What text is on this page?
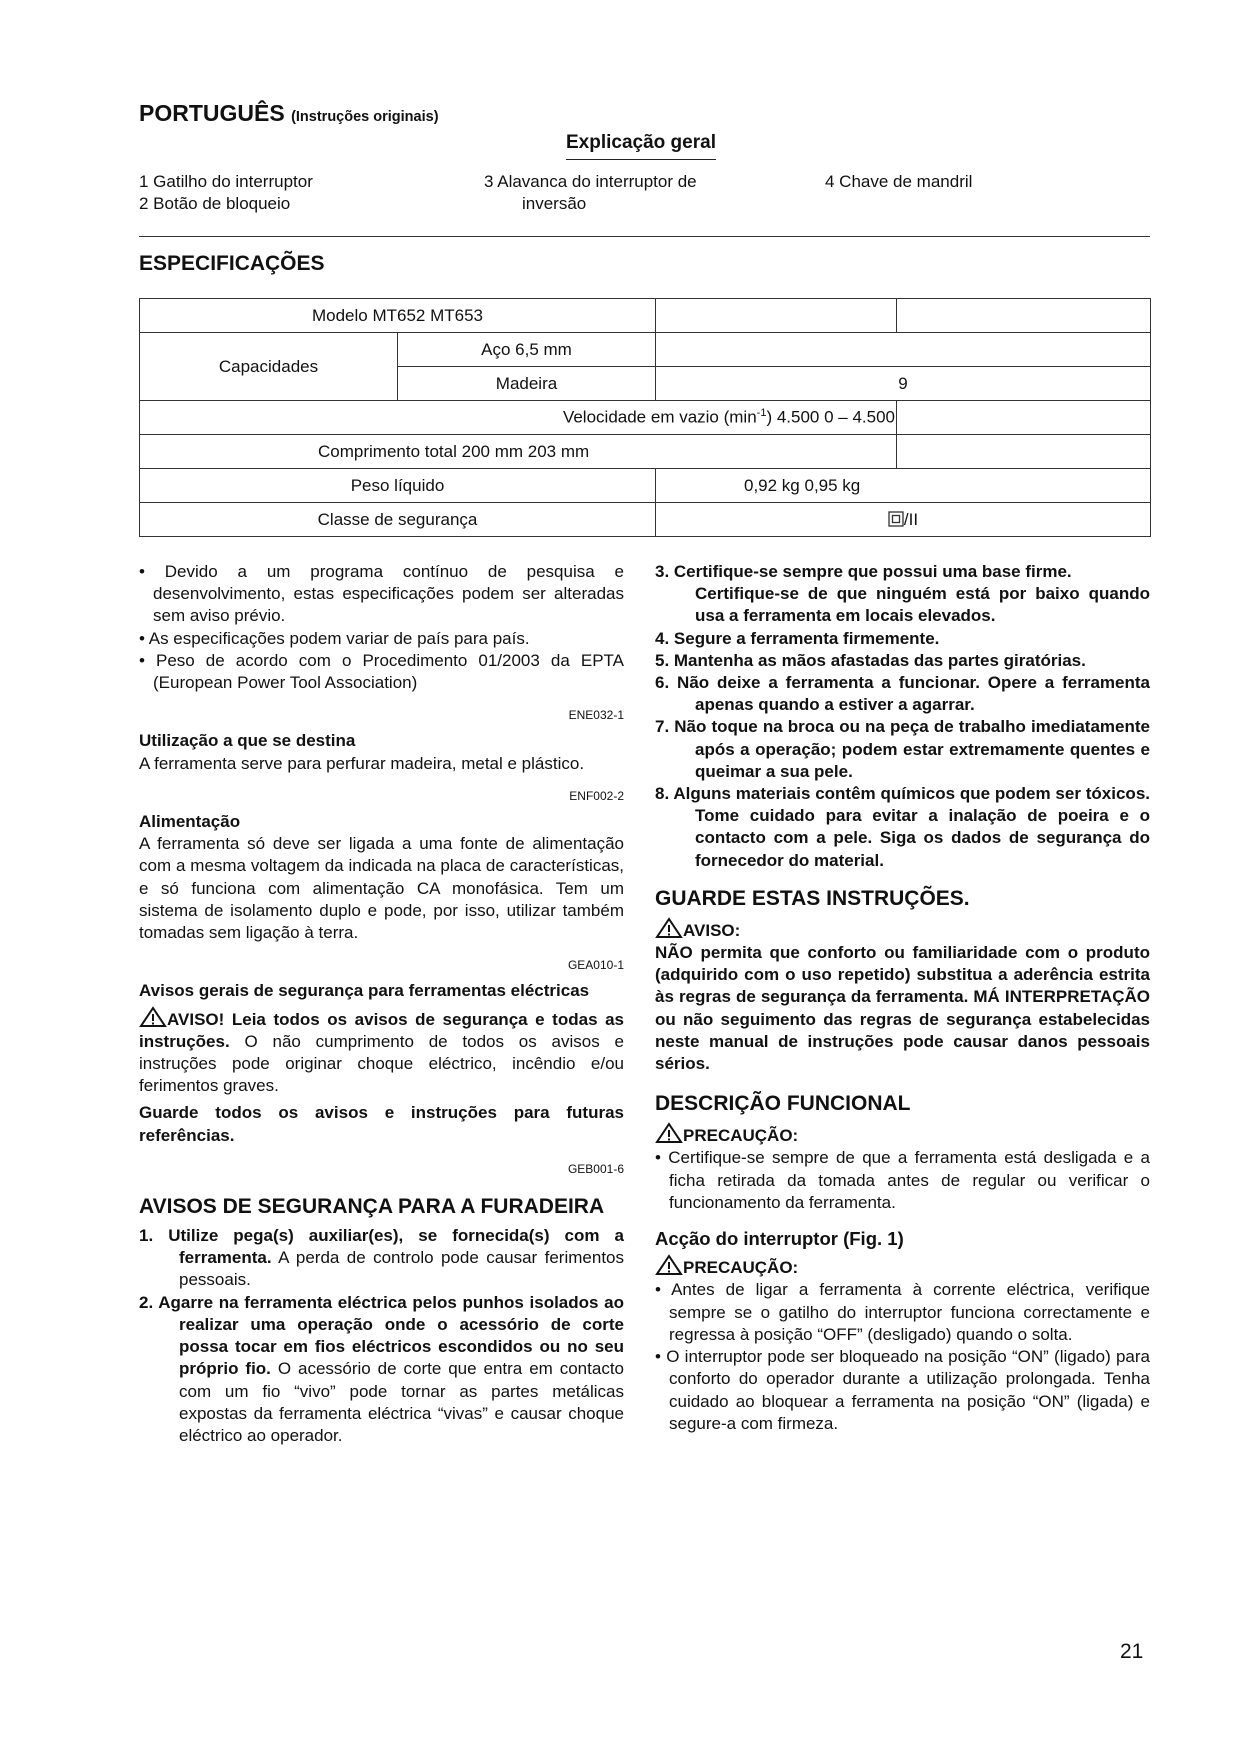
PORTUGUÊS (Instruções originais)
Explicação geral
1 Gatilho do interruptor
2 Botão de bloqueio
3 Alavanca do interruptor de
inversão
4 Chave de mandril
ESPECIFICAÇÕES
Modelo MT652 MT653			
Capacidades	Aço 6,5 mm		
	Madeira	9	
Velocidade em vazio $(\min^{-1})$ 4.500 0 – 4.500			
Comprimento total 200 mm 203 mm			
Peso líquido		0,92 kg 0,95 kg	
Classe de segurança		/II	

• Devido a um programa contínuo de pesquisa e desenvolvimento, estas especificações podem ser alteradas sem aviso prévio.

• As especificações podem variar de país para país.

• Peso de acordo com o Procedimento 01/2003 da EPTA (European Power Tool Association)

ENE032-1

Utilização a que se destina

A ferramenta serve para perfurar madeira, metal e plástico.

ENF002-2

Alimentação

A ferramenta só deve ser ligada a uma fonte de alimentação com a mesma voltagem da indicada na placa de características, e só funciona com alimentação CA monofásica. Tem um sistema de isolamento duplo e pode, por isso, utilizar também tomadas sem ligação à terra.

GEA010-1

Avisos gerais de segurança para ferramentas eléctricas

AVISO! Leia todos os avisos de segurança e todas as instruções. O não cumprimento de todos os avisos e instruções pode originar choque eléctrico, incêndio e/ou ferimentos graves.

Guarde todos os avisos e instruções para futuras referências.

GEB001-6

AVISOS DE SEGURANÇA PARA A FURADEIRA

1. Utilize pega(s) auxiliar(es), se fornecida(s) com a ferramenta. A perda de controlo pode causar ferimentos pessoais.

2. Agarre na ferramenta eléctrica pelos punhos isolados ao realizar uma operação onde o acessório de corte possa tocar em fios eléctricos escondidos ou no seu próprio fio. O acessório de corte que entra em contacto com um fio “vivo” pode tornar as partes metálicas expostas da ferramenta eléctrica “vivas” e causar choque eléctrico ao operador.

3. Certifique-se sempre que possui uma base firme.

Certifique-se de que ninguém está por baixo quando usa a ferramenta em locais elevados.

4. Segure a ferramenta firmemente.

5. Mantenha as mãos afastadas das partes giratórias.

6. Não deixe a ferramenta a funcionar. Opere a ferramenta apenas quando a estiver a agarrar.

7. Não toque na broca ou na peça de trabalho imediatamente após a operação; podem estar extremamente quentes e queimar a sua pele.

8. Alguns materiais contêm químicos que podem ser tóxicos. Tome cuidado para evitar a inalação de poeira e o contacto com a pele. Siga os dados de segurança do fornecedor do material.

GUARDE ESTAS INSTRUÇÕES.

AVISO:

NÃO permita que conforto ou familiaridade com o produto (adquirido com o uso repetido) substitua a aderência estrita às regras de segurança da ferramenta. MÁ INTERPRETAÇÃO ou não seguimento das regras de segurança estabelecidas neste manual de instruções pode causar danos pessoais sérios.

DESCRIÇÃO FUNCIONAL

PRECAUÇÃO:

• Certifique-se sempre de que a ferramenta está desligada e a ficha retirada da tomada antes de regular ou verificar o funcionamento da ferramenta.

Acção do interruptor (Fig. 1)

PRECAUÇÃO:

• Antes de ligar a ferramenta à corrente eléctrica, verifique sempre se o gatilho do interruptor funciona correctamente e regressa à posição “OFF” (desligado) quando o solta.

• O interruptor pode ser bloqueado na posição “ON” (ligado) para conforto do operador durante a utilização prolongada. Tenha cuidado ao bloquear a ferramenta na posição “ON” (ligada) e segure-a com firmeza.

21
